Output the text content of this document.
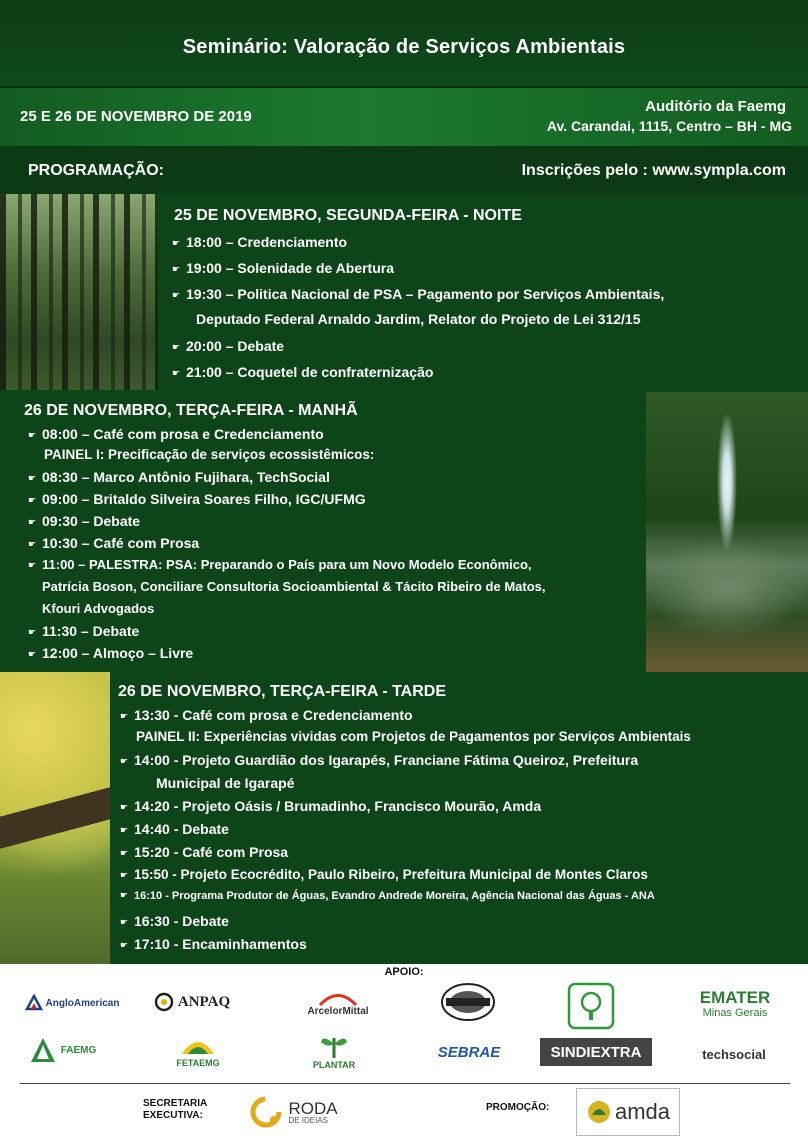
Seminário: Valoração de Serviços Ambientais
25 E 26 DE NOVEMBRO DE 2019
Auditório da Faemg
Av. Carandai, 1115, Centro – BH - MG
PROGRAMAÇÃO:	Inscrições pelo : www.sympla.com
25 DE NOVEMBRO, SEGUNDA-FEIRA - NOITE
☛ 18:00 – Credenciamento
☛ 19:00 – Solenidade de Abertura
☛ 19:30 – Politica Nacional de PSA – Pagamento por Serviços Ambientais,
Deputado Federal Arnaldo Jardim, Relator do Projeto de Lei 312/15
☛ 20:00 – Debate
☛ 21:00 – Coquetel de confraternização
26 DE NOVEMBRO, TERÇA-FEIRA - MANHÃ
☛ 08:00 – Café com prosa e Credenciamento
PAINEL I: Precificação de serviços ecossistêmicos:
☛ 08:30 – Marco Antônio Fujihara, TechSocial
☛ 09:00 – Britaldo Silveira Soares Filho, IGC/UFMG
☛ 09:30 – Debate
☛ 10:30 – Café com Prosa
☛ 11:00 – PALESTRA: PSA: Preparando o País para um Novo Modelo Econômico,
Patrícia Boson, Conciliare Consultoria Socioambiental & Tácito Ribeiro de Matos,
Kfouri Advogados
☛ 11:30 – Debate
☛ 12:00 – Almoço – Livre
26 DE NOVEMBRO, TERÇA-FEIRA - TARDE
☛ 13:30 - Café com prosa e Credenciamento
PAINEL II: Experiências vividas com Projetos de Pagamentos por Serviços Ambientais
☛ 14:00 - Projeto Guardião dos Igarapés, Franciane Fátima Queiroz, Prefeitura
Municipal de Igarapé
☛ 14:20 - Projeto Oásis / Brumadinho, Francisco Mourão, Amda
☛ 14:40 - Debate
☛ 15:20 - Café com Prosa
☛ 15:50 - Projeto Ecocrédito, Paulo Ribeiro, Prefeitura Municipal de Montes Claros
☛ 16:10 - Programa Produtor de Águas, Evandro Andrede Moreira, Agência Nacional das Águas - ANA
☛ 16:30 - Debate
☛ 17:10 - Encaminhamentos
APOIO:
AngloAmerican	ANPAQ
ArcelorMittal
EMATER
Minas Gerais
FAEMG
FETAEMG	PLANTAR
SEBRAE	SINDIEXTRA	techsocial
SECRETARIA EXECUTIVA:	RODA
DE IDEIAS
PROMOÇÃO:	amda
